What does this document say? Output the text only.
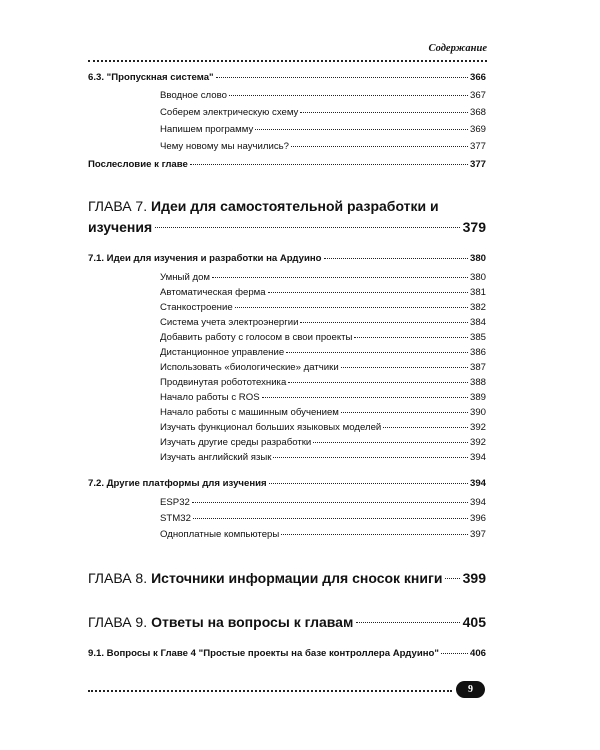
Содержание
6.3. "Пропускная система"	366
Вводное слово	367
Соберем электрическую схему	368
Напишем программу	369
Чему новому мы научились?	377
Послесловие к главе	377
ГЛАВА 7. Идеи для самостоятельной разработки и
изучения	379
7.1. Идеи для изучения и разработки на Ардуино	380
Умный дом	380
Автоматическая ферма	381
Станкостроение	382
Система учета электроэнергии	384
Добавить работу с голосом в свои проекты	385
Дистанционное управление	386
Использовать «биологические» датчики	387
Продвинутая робототехника	388
Начало работы с ROS	389
Начало работы с машинным обучением	390
Изучать функционал больших языковых моделей	392
Изучать другие среды разработки	392
Изучать английский язык	394
7.2. Другие платформы для изучения	394
ESP32	394
STM32	396
Одноплатные компьютеры	397
ГЛАВА 8. Источники информации для сносок книги 399
ГЛАВА 9. Ответы на вопросы к главам	405
9.1. Вопросы к Главе 4 "Простые проекты на базе контроллера Ардуино"	406
9
